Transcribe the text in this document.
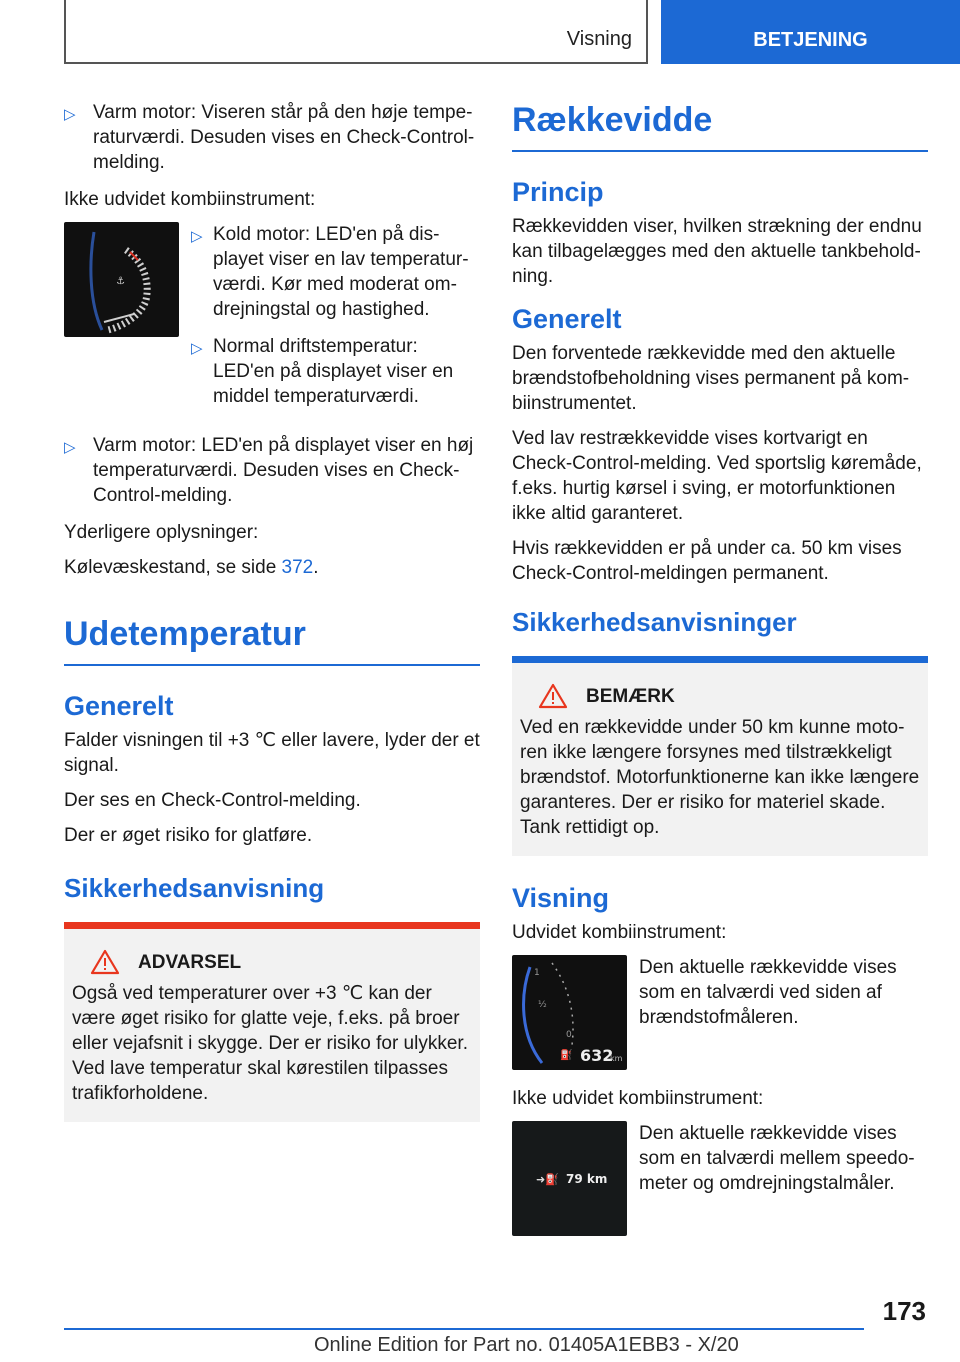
Visning	BETJENING
▷ Varm motor: Viseren står på den høje temperaturværdi. Desuden vises en Check-Control-melding.

Ikke udvidet kombiinstrument:

⚓
▷ Kold motor: LED'en på displayet viser en lav temperaturværdi. Kør med moderat omdrejningstal og hastighed.
▷ Normal driftstemperatur: LED'en på displayet viser en middel temperaturværdi.
▷ Varm motor: LED'en på displayet viser en høj temperaturværdi. Desuden vises en Check-Control-melding.

Yderligere oplysninger:

Kølevæskestand, se side 372.

Udetemperatur
Generelt

Falder visningen til +3 ℃ eller lavere, lyder der et signal.

Der ses en Check-Control-melding.

Der er øget risiko for glatføre.

Sikkerhedsanvisning
ADVARSEL

Også ved temperaturer over +3 ℃ kan der være øget risiko for glatte veje, f.eks. på broer eller vejafsnit i skygge. Der er risiko for ulykker. Ved lave temperatur skal kørestilen tilpasses trafikforholdene.

Rækkevidde
Princip

Rækkevidden viser, hvilken strækning der endnu kan tilbagelægges med den aktuelle tankbeholdning.

Generelt

Den forventede rækkevidde med den aktuelle brændstofbeholdning vises permanent på kombiinstrumentet.

Ved lav restrækkevidde vises kortvarigt en Check-Control-melding. Ved sportslig køremåde, f.eks. hurtig kørsel i sving, er motorfunktionen ikke altid garanteret.

Hvis rækkevidden er på under ca. 50 km vises Check-Control-meldingen permanent.

Sikkerhedsanvisninger
BEMÆRK

Ved en rækkevidde under 50 km kunne motoren ikke længere forsynes med tilstrækkeligt brændstof. Motorfunktionerne kan ikke længere garanteres. Der er risiko for materiel skade. Tank rettidigt op.

Visning

Udvidet kombiinstrument:

1
½
0
⛽ 632
km
Den aktuelle rækkevidde vises som en talværdi ved siden af brændstofmåleren.

Ikke udvidet kombiinstrument:

➜⛽ 79 km
Den aktuelle rækkevidde vises som en talværdi mellem speedometer og omdrejningstalmåler.
173
Online Edition for Part no. 01405A1EBB3 - X/20
